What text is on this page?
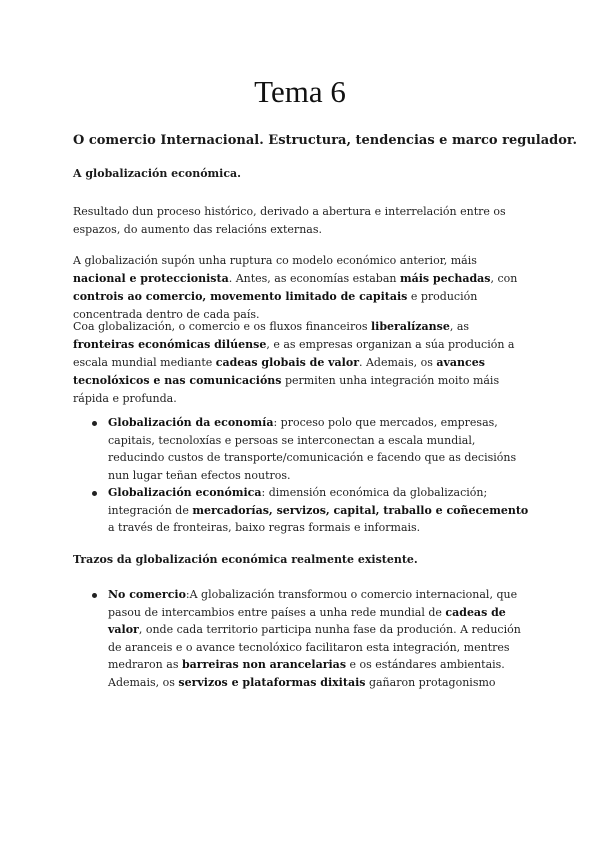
Tema 6
O comercio Internacional. Estructura, tendencias e marco regulador.
A globalización económica.

Resultado dun proceso histórico, derivado a abertura e interrelación entre os espazos, do aumento das relacións externas.

A globalización supón unha ruptura co modelo económico anterior, máis nacional e proteccionista. Antes, as economías estaban máis pechadas, con controis ao comercio, movemento limitado de capitais e produción concentrada dentro de cada país.

Coa globalización, o comercio e os fluxos financeiros liberalízanse, as fronteiras económicas dilúense, e as empresas organizan a súa produción a escala mundial mediante cadeas globais de valor. Ademais, os avances tecnolóxicos e nas comunicacións permiten unha integración moito máis rápida e profunda.

Globalización da economía: proceso polo que mercados, empresas, capitais, tecnoloxías e persoas se interconectan a escala mundial, reducindo custos de transporte/comunicación e facendo que as decisións nun lugar teñan efectos noutros.
Globalización económica: dimensión económica da globalización; integración de mercadorías, servizos, capital, traballo e coñecemento a través de fronteiras, baixo regras formais e informais.
Trazos da globalización económica realmente existente.
No comercio:A globalización transformou o comercio internacional, que pasou de intercambios entre países a unha rede mundial de cadeas de valor, onde cada territorio participa nunha fase da produción. A redución de aranceis e o avance tecnolóxico facilitaron esta integración, mentres medraron as barreiras non arancelarias e os estándares ambientais. Ademais, os servizos e plataformas dixitais gañaron protagonismo
